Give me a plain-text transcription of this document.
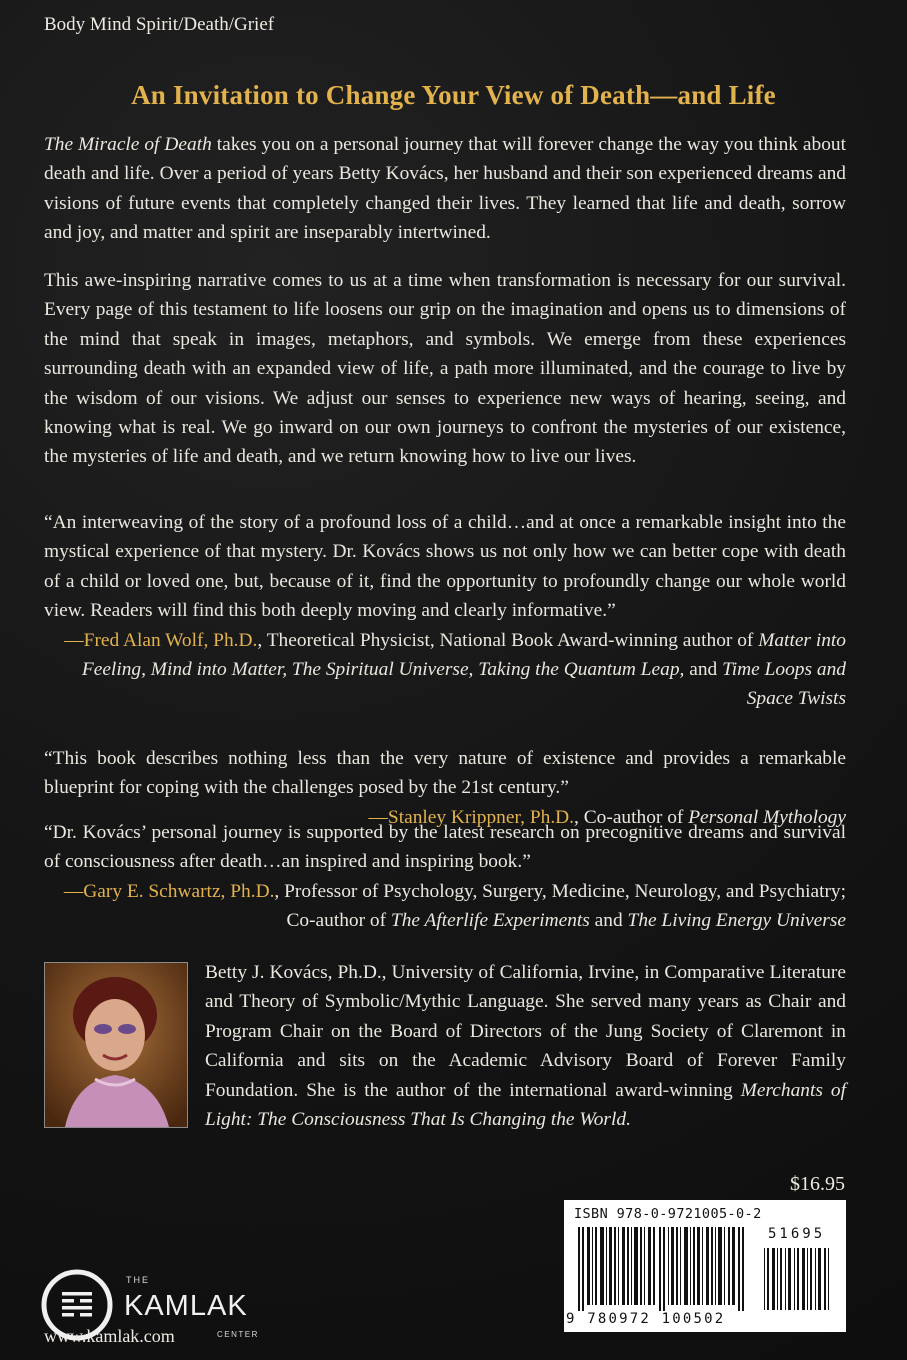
Body Mind Spirit/Death/Grief
An Invitation to Change Your View of Death—and Life

The Miracle of Death takes you on a personal journey that will forever change the way you think about death and life. Over a period of years Betty Kovács, her husband and their son experienced dreams and visions of future events that completely changed their lives. They learned that life and death, sorrow and joy, and matter and spirit are inseparably intertwined.

This awe-inspiring narrative comes to us at a time when transformation is necessary for our survival. Every page of this testament to life loosens our grip on the imagination and opens us to dimensions of the mind that speak in images, metaphors, and symbols. We emerge from these experiences surrounding death with an expanded view of life, a path more illuminated, and the courage to live by the wisdom of our visions. We adjust our senses to experience new ways of hearing, seeing, and knowing what is real. We go inward on our own journeys to confront the mysteries of our existence, the mysteries of life and death, and we return knowing how to live our lives.

“An interweaving of the story of a profound loss of a child…and at once a remarkable insight into the mystical experience of that mystery. Dr. Kovács shows us not only how we can better cope with death of a child or loved one, but, because of it, find the opportunity to profoundly change our whole world view. Readers will find this both deeply moving and clearly informative.”
—Fred Alan Wolf, Ph.D., Theoretical Physicist, National Book Award-winning author of Matter into Feeling, Mind into Matter, The Spiritual Universe, Taking the Quantum Leap, and Time Loops and Space Twists
“This book describes nothing less than the very nature of existence and provides a remarkable blueprint for coping with the challenges posed by the 21st century.”
—Stanley Krippner, Ph.D., Co-author of Personal Mythology
“Dr. Kovács’ personal journey is supported by the latest research on precognitive dreams and survival of consciousness after death…an inspired and inspiring book.”
—Gary E. Schwartz, Ph.D., Professor of Psychology, Surgery, Medicine, Neurology, and Psychiatry; Co-author of The Afterlife Experiments and The Living Energy Universe

Betty J. Kovács, Ph.D., University of California, Irvine, in Comparative Literature and Theory of Symbolic/Mythic Language. She served many years as Chair and Program Chair on the Board of Directors of the Jung Society of Claremont in California and sits on the Academic Advisory Board of Forever Family Foundation. She is the author of the international award-winning Merchants of Light: The Consciousness That Is Changing the World.

$16.95
ISBN 978-0-9721005-0-2
51695
9 780972 100502
THE
KAMLAK
CENTER
www.kamlak.com
